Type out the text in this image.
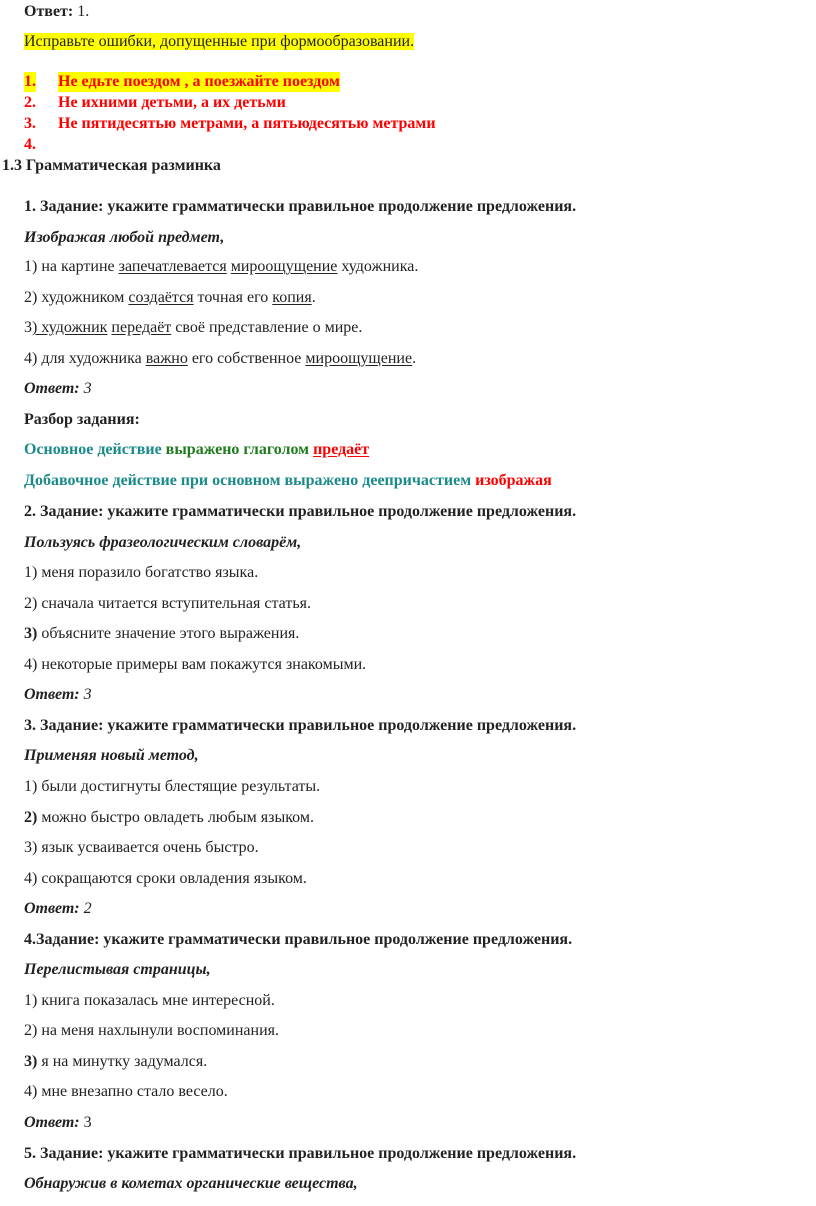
Ответ: 1.
Исправьте ошибки, допущенные при формообразовании.
1. Не едьте поездом , а поезжайте поездом
2. Не ихними детьми, а их детьми
3. Не пятидесятью метрами, а пятьюдесятью метрами
4.
1.3 Грамматическая разминка
1. Задание: укажите грамматически правильное продолжение предложения.
Изображая любой предмет,
1) на картине запечатлевается мироощущение художника.
2) художником создаётся точная его копия.
3) художник передаёт своё представление о мире.
4) для художника важно его собственное мироощущение.
Ответ: 3
Разбор задания:
Основное действие выражено глаголом предаёт
Добавочное действие при основном выражено деепричастием изображая
2. Задание: укажите грамматически правильное продолжение предложения.
Пользуясь фразеологическим словарём,
1) меня поразило богатство языка.
2) сначала читается вступительная статья.
3) объясните значение этого выражения.
4) некоторые примеры вам покажутся знакомыми.
Ответ: 3
3. Задание: укажите грамматически правильное продолжение предложения.
Применяя новый метод,
1) были достигнуты блестящие результаты.
2) можно быстро овладеть любым языком.
3) язык усваивается очень быстро.
4) сокращаются сроки овладения языком.
Ответ: 2
4.Задание: укажите грамматически правильное продолжение предложения.
Перелистывая страницы,
1) книга показалась мне интересной.
2) на меня нахлынули воспоминания.
3) я на минутку задумался.
4) мне внезапно стало весело.
Ответ: 3
5. Задание: укажите грамматически правильное продолжение предложения.
Обнаружив в кометах органические вещества,
